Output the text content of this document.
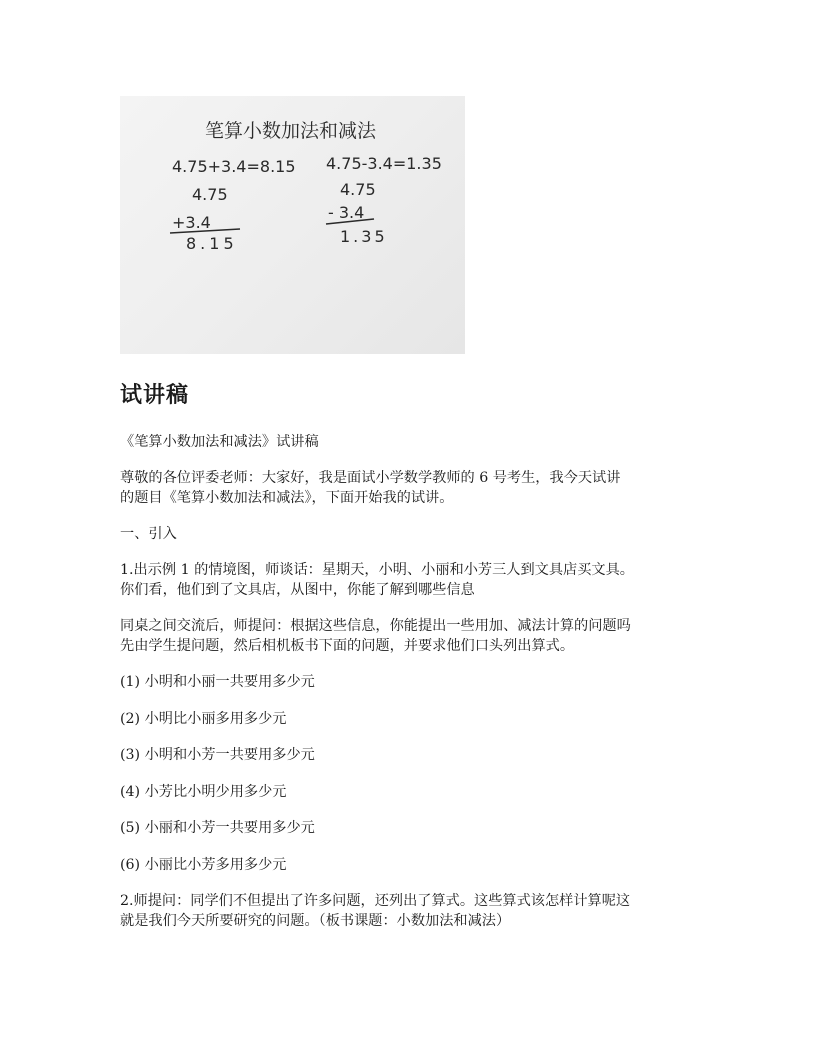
笔算小数加法和减法
4.75+3.4=8.15
4.75
+3.4
8.15
4.75-3.4=1.35
4.75
- 3.4
1.35
试讲稿

《笔算小数加法和减法》试讲稿

尊敬的各位评委老师：大家好，我是面试小学数学教师的 6 号考生，我今天试讲
的题目《笔算小数加法和减法》，下面开始我的试讲。

一、引入

1.出示例 1 的情境图，师谈话：星期天，小明、小丽和小芳三人到文具店买文具。
你们看，他们到了文具店，从图中，你能了解到哪些信息

同桌之间交流后，师提问：根据这些信息，你能提出一些用加、减法计算的问题吗
先由学生提问题，然后相机板书下面的问题，并要求他们口头列出算式。

(1) 小明和小丽一共要用多少元

(2) 小明比小丽多用多少元

(3) 小明和小芳一共要用多少元

(4) 小芳比小明少用多少元

(5) 小丽和小芳一共要用多少元

(6) 小丽比小芳多用多少元

2.师提问：同学们不但提出了许多问题，还列出了算式。这些算式该怎样计算呢这
就是我们今天所要研究的问题。（板书课题：小数加法和减法）
